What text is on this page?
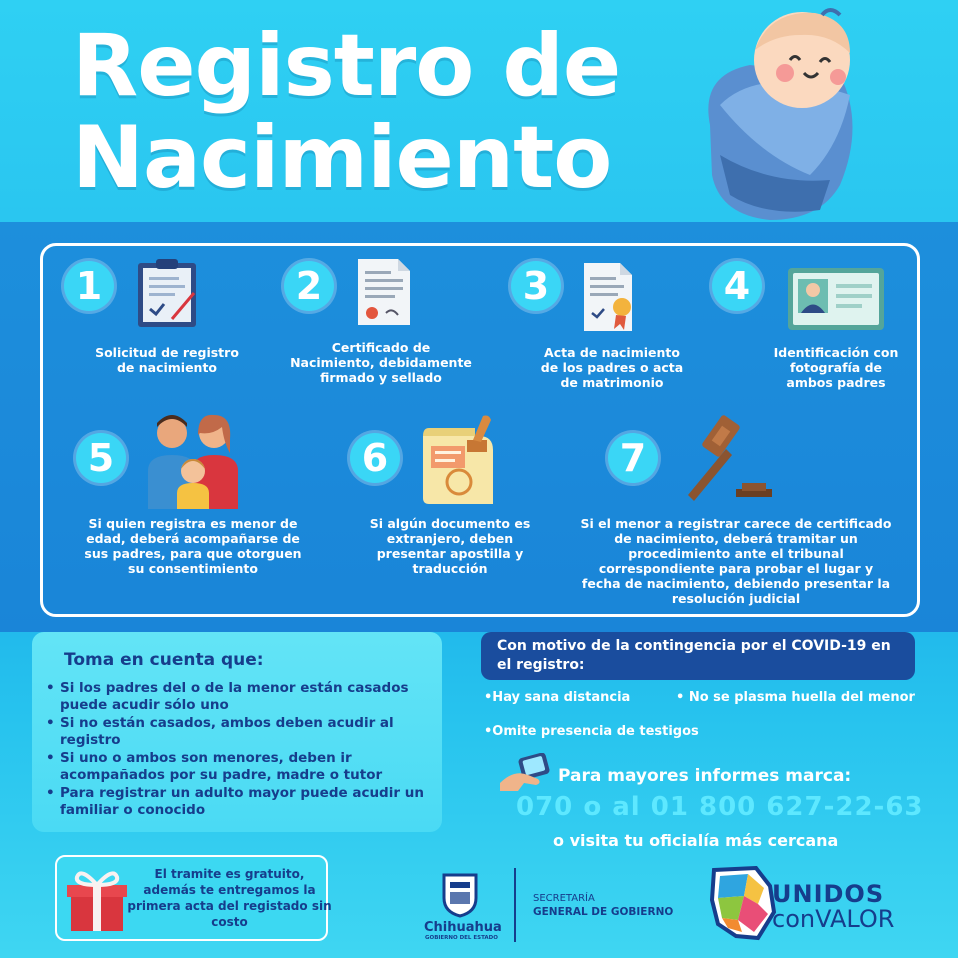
Registro de
Nacimiento
1
Solicitud de registro de nacimiento
2
Certificado de Nacimiento, debidamente firmado y sellado
3
Acta de nacimiento de los padres o acta de matrimonio
4
Identificación con fotografía de ambos padres
5
Si quien registra es menor de edad, deberá acompañarse de sus padres, para que otorguen su consentimiento
6
Si algún documento es extranjero, deben presentar apostilla y traducción
7
Si el menor a registrar carece de certificado de nacimiento, deberá tramitar un procedimiento ante el tribunal correspondiente para probar el lugar y fecha de nacimiento, debiendo presentar la resolución judicial
Toma en cuenta que:
• Si los padres del o de la menor están casados puede acudir sólo uno
• Si no están casados, ambos deben acudir al registro
• Si uno o ambos son menores, deben ir acompañados por su padre, madre o tutor
• Para registrar un adulto mayor puede acudir un familiar o conocido
Con motivo de la contingencia por el COVID-19 en el registro:
•Hay sana distancia	• No se plasma huella del menor
•Omite presencia de testigos
Para mayores informes marca:
070 o al 01 800 627-22-63
o visita tu oficialía más cercana
El tramite es gratuito, además te entregamos la primera acta del registado sin costo	Chihuahua
GOBIERNO DEL ESTADO
SECRETARÍA
GENERAL DE GOBIERNO
UNIDOS
conVALOR
